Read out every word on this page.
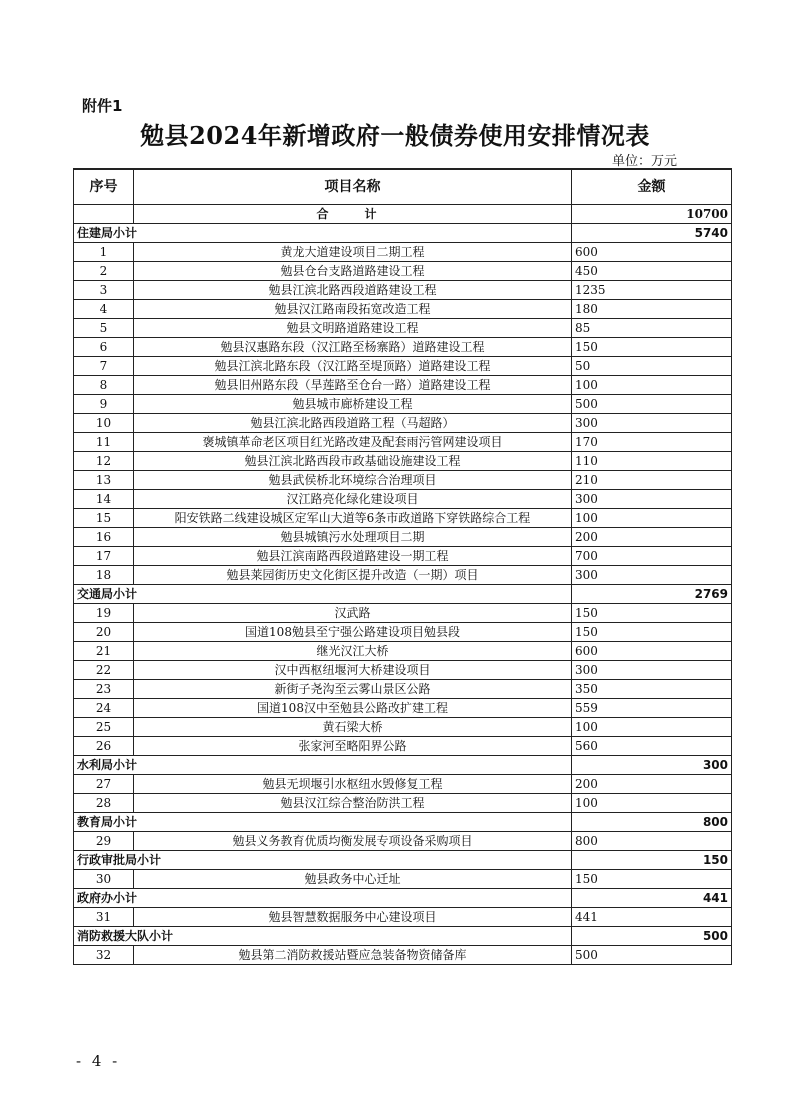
附件1
勉县2024年新增政府一般债券使用安排情况表
单位：万元
序号	项目名称	金额
	合　计	10700
住建局小计		5740
1	黄龙大道建设项目二期工程	600
2	勉县仓台支路道路建设工程	450
3	勉县江滨北路西段道路建设工程	1235
4	勉县汉江路南段拓宽改造工程	180
5	勉县文明路道路建设工程	85
6	勉县汉惠路东段（汉江路至杨寨路）道路建设工程	150
7	勉县江滨北路东段（汉江路至堤顶路）道路建设工程	50
8	勉县旧州路东段（旱莲路至仓台一路）道路建设工程	100
9	勉县城市廊桥建设工程	500
10	勉县江滨北路西段道路工程（马超路）	300
11	褒城镇革命老区项目红光路改建及配套雨污管网建设项目	170
12	勉县江滨北路西段市政基础设施建设工程	110
13	勉县武侯桥北环境综合治理项目	210
14	汉江路亮化绿化建设项目	300
15	阳安铁路二线建设城区定军山大道等6条市政道路下穿铁路综合工程	100
16	勉县城镇污水处理项目二期	200
17	勉县江滨南路西段道路建设一期工程	700
18	勉县莱园街历史文化街区提升改造（一期）项目	300
交通局小计		2769
19	汉武路	150
20	国道108勉县至宁强公路建设项目勉县段	150
21	继光汉江大桥	600
22	汉中西枢纽堰河大桥建设项目	300
23	新街子尧沟至云雾山景区公路	350
24	国道108汉中至勉县公路改扩建工程	559
25	黄石梁大桥	100
26	张家河至略阳界公路	560
水利局小计		300
27	勉县无坝堰引水枢纽水毁修复工程	200
28	勉县汉江综合整治防洪工程	100
教育局小计		800
29	勉县义务教育优质均衡发展专项设备采购项目	800
行政审批局小计		150
30	勉县政务中心迁址	150
政府办小计		441
31	勉县智慧数据服务中心建设项目	441
消防救援大队小计		500
32	勉县第二消防救援站暨应急装备物资储备库	500
- 4 -
